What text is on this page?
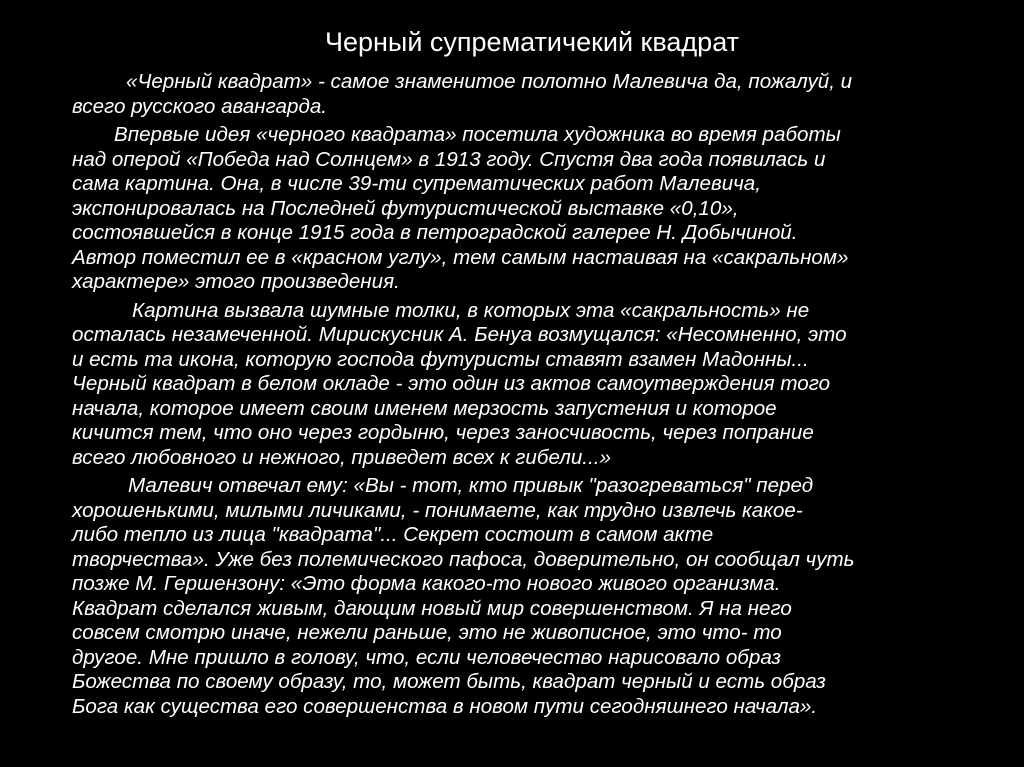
Черный супрематичекий квадрат

«Черный квадрат» - самое знаменитое полотно Малевича да, пожалуй, и
всего русского авангарда.

Впервые идея «черного квадрата» посетила художника во время работы
над оперой «Победа над Солнцем» в 1913 году. Спустя два года появилась и
сама картина. Она, в числе 39-ти супрематических работ Малевича,
экспонировалась на Последней футуристической выставке «0,10»,
состоявшейся в конце 1915 года в петроградской галерее Н. Добычиной.
Автор поместил ее в «красном углу», тем самым настаивая на «сакральном»
характере» этого произведения.

Картина вызвала шумные толки, в которых эта «сакральность» не
осталась незамеченной. Мирискусник А. Бенуа возмущался: «Несомненно, это
и есть та икона, которую господа футуристы ставят взамен Мадонны...
Черный квадрат в белом окладе - это один из актов самоутверждения того
начала, которое имеет своим именем мерзость запустения и которое
кичится тем, что оно через гордыню, через заносчивость, через попрание
всего любовного и нежного, приведет всех к гибели...»

Малевич отвечал ему: «Вы - тот, кто привык "разогреваться" перед
хорошенькими, милыми личиками, - понимаете, как трудно извлечь какое-
либо тепло из лица "квадрата"... Секрет состоит в самом акте
творчества». Уже без полемического пафоса, доверительно, он сообщал чуть
позже М. Гершензону: «Это форма какого-то нового живого организма.
Квадрат сделался живым, дающим новый мир совершенством. Я на него
совсем смотрю иначе, нежели раньше, это не живописное, это что- то
другое. Мне пришло в голову, что, если человечество нарисовало образ
Божества по своему образу, то, может быть, квадрат черный и есть образ
Бога как существа его совершенства в новом пути сегодняшнего начала».
